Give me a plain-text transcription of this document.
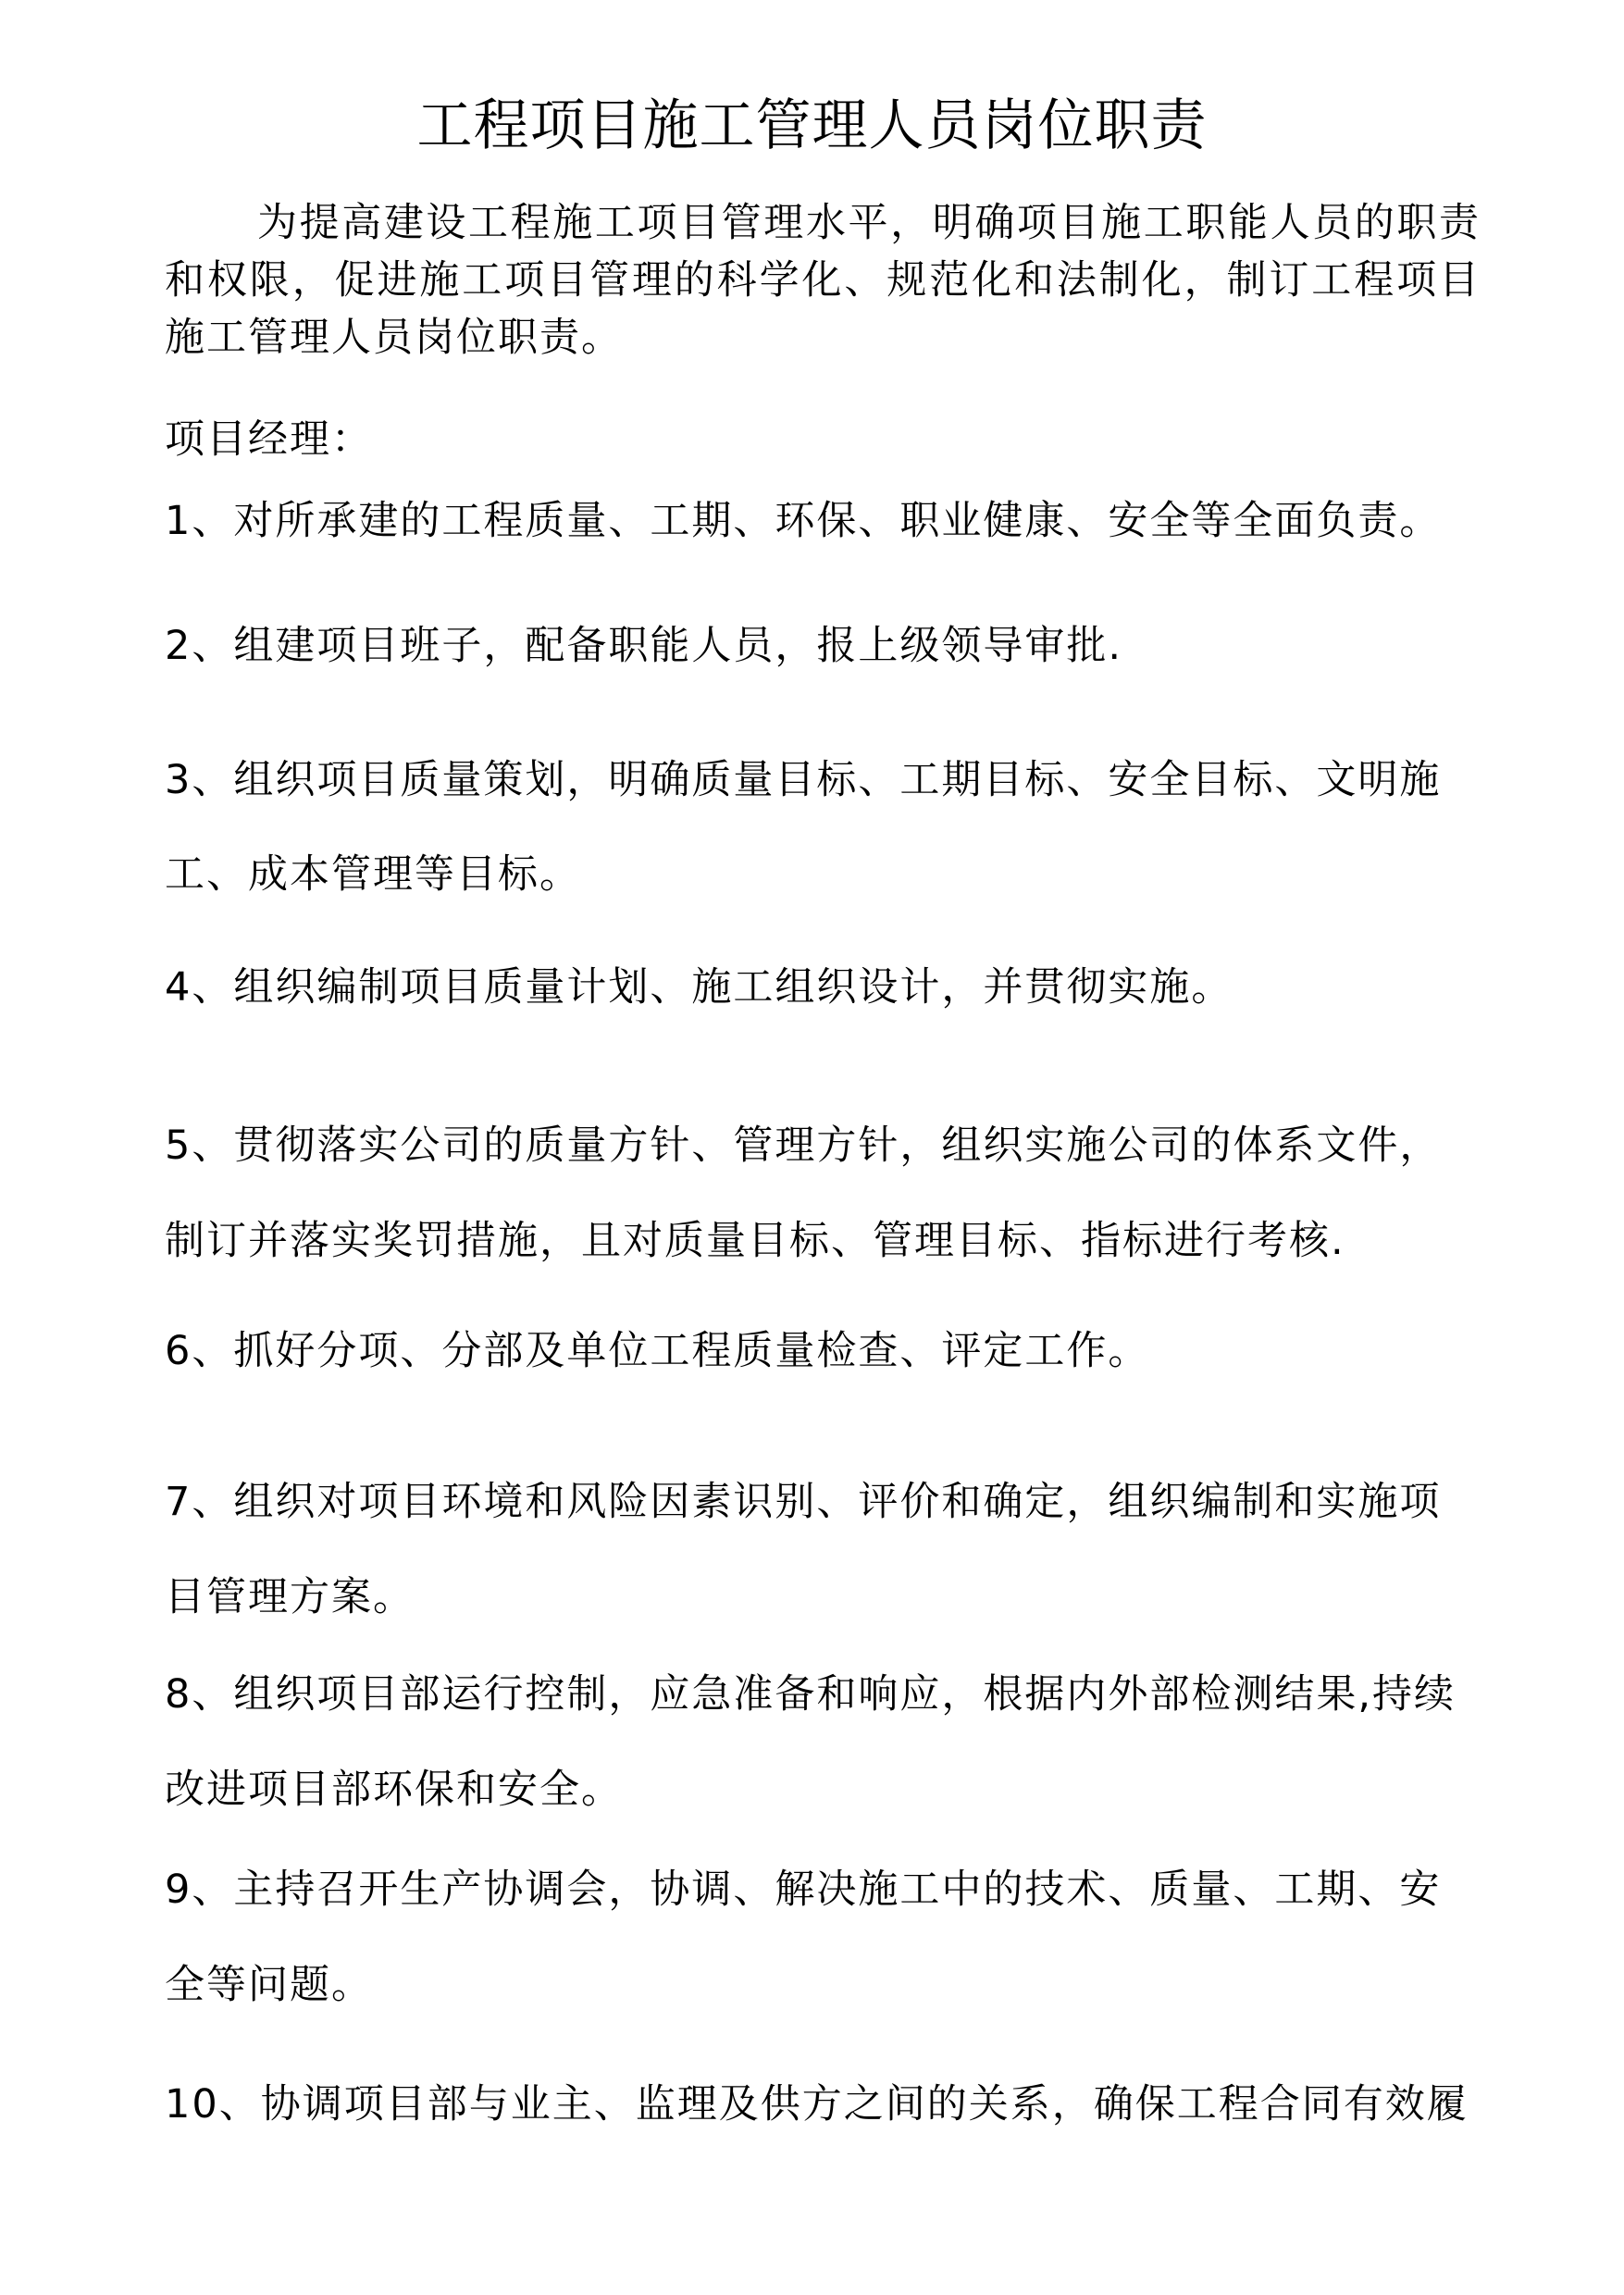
工程项目施工管理人员岗位职责
为提高建设工程施工项目管理水平，明确项目施工职能人员的职责和权限，促进施工项目管理的科学化、规范化和法制化，制订工程项目施工管理人员岗位职责。
项目经理：
1、对所承建的工程质量、工期、环保、职业健康、安全等全面负责。
2、组建项目班子，配备职能人员，报上级领导审批.
3、组织项目质量策划，明确质量目标、工期目标、安全目标、文明施
工、成本管理等目标。
4、组织编制项目质量计划、施工组织设计，并贯彻实施。
5、贯彻落实公司的质量方针、管理方针，组织实施公司的体系文件，
制订并落实奖罚措施，且对质量目标、管理目标、指标进行考核.
6、抓好分项、分部及单位工程质量检查、评定工作。
7、组织对项目环境和风险因素识别、评价和确定，组织编制和实施项
目管理方案。
8、组织项目部运行控制，应急准备和响应，根据内外部检测结果,持续
改进项目部环保和安全。
9、主持召开生产协调会，协调、解决施工中的技术、质量、工期、安
全等问题。
10、协调项目部与业主、监理及供方之间的关系，确保工程合同有效履
